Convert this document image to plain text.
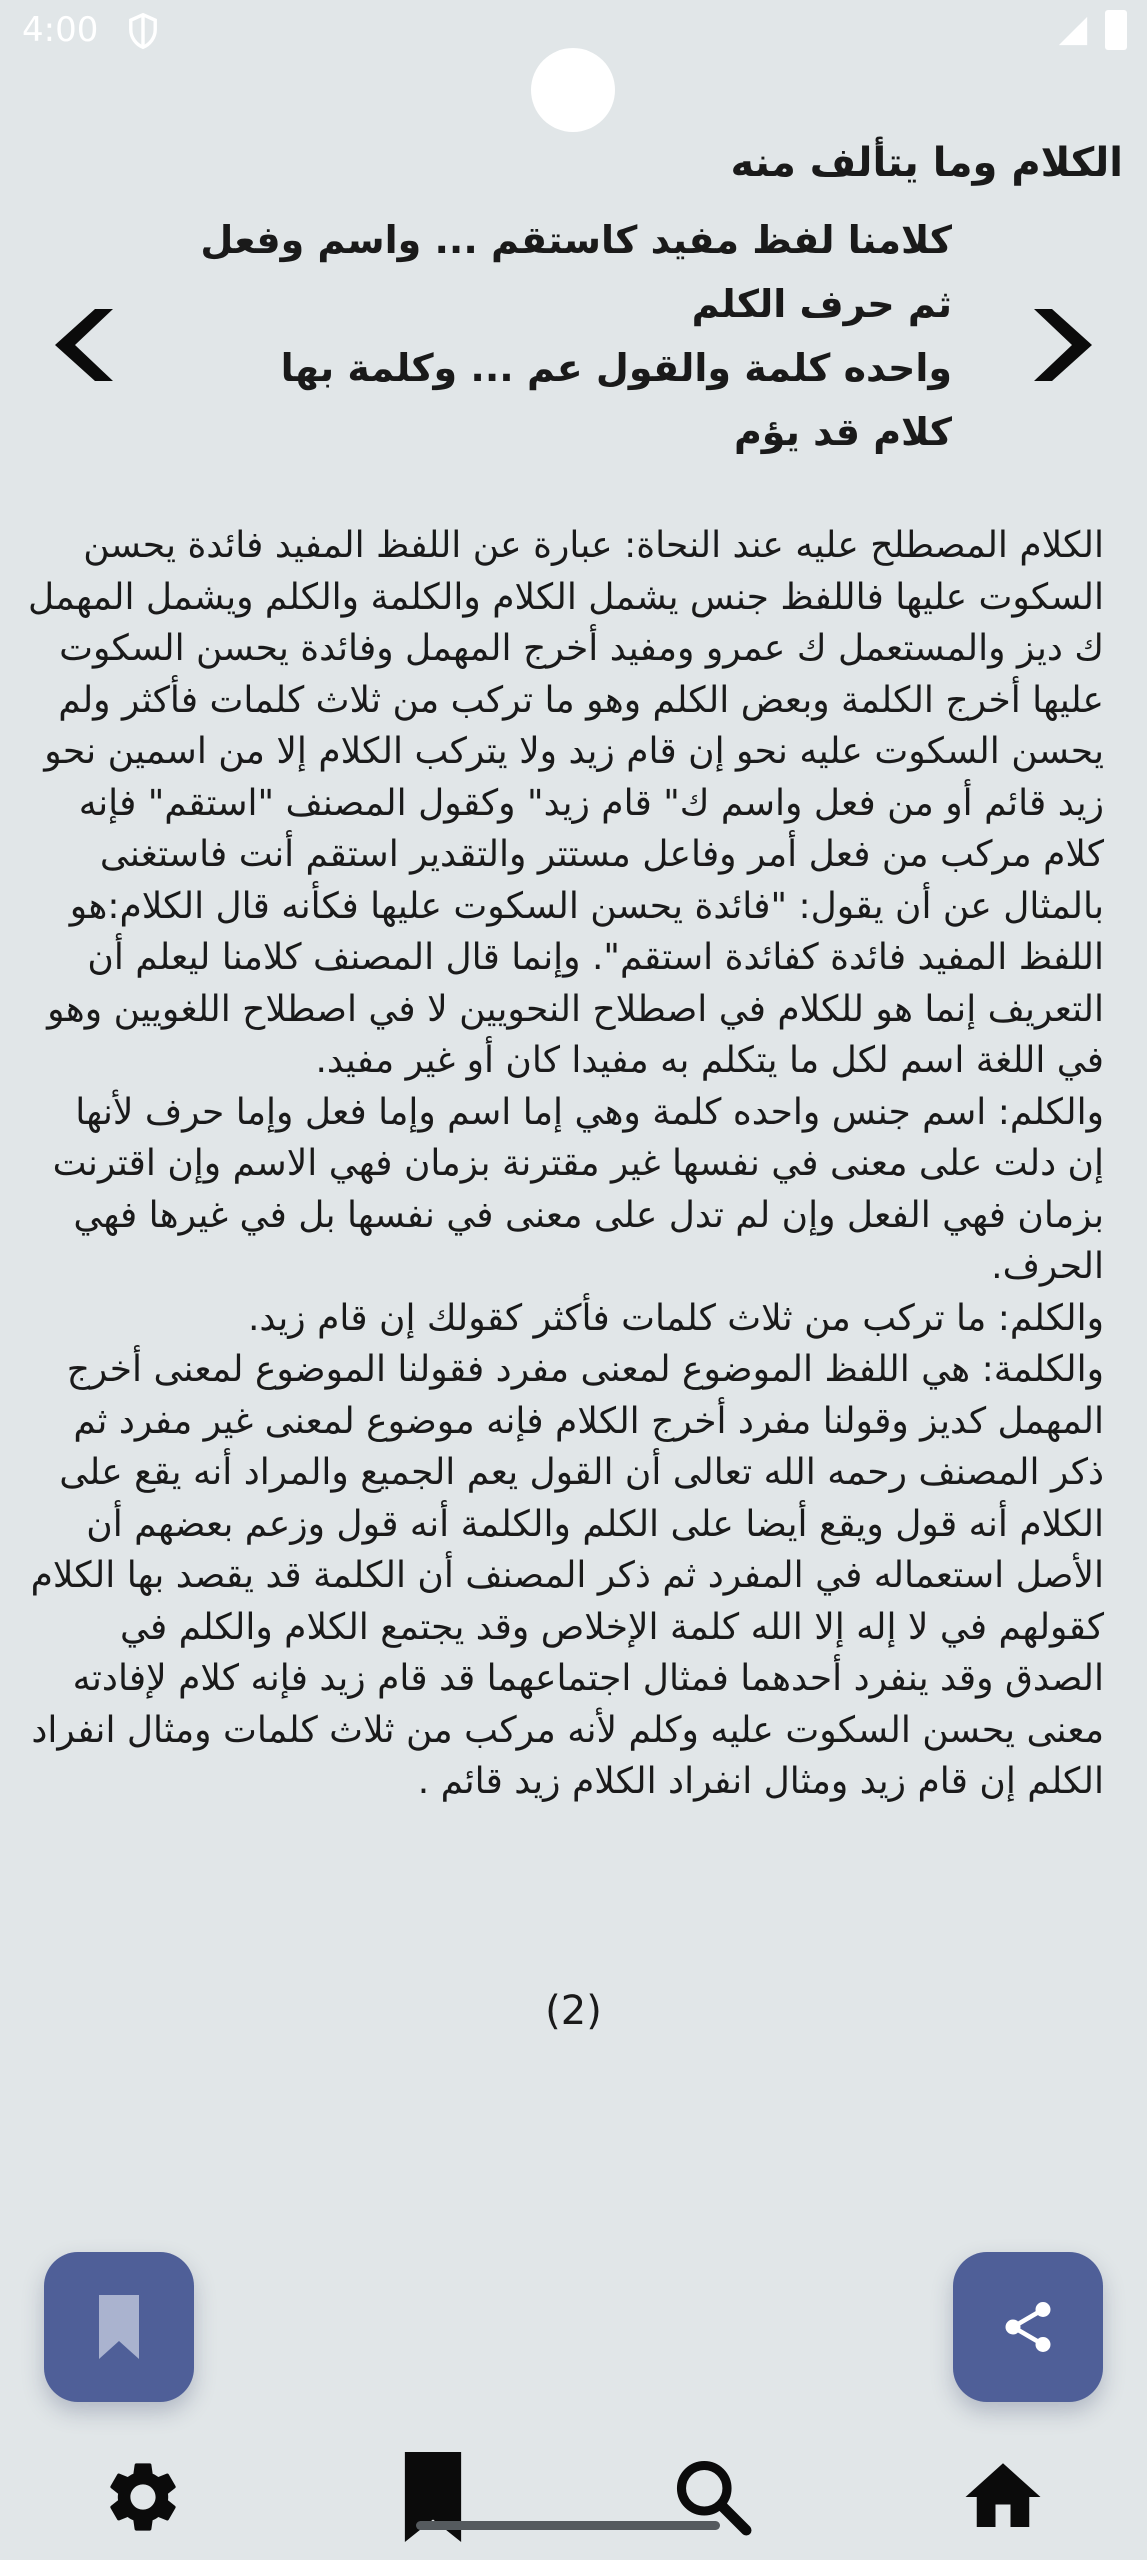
4:00
الكلام وما يتألف منه
كلامنا لفظ مفيد كاستقم ... واسم وفعل ثم حرف الكلم
واحده كلمة والقول عم ... وكلمة بها كلام قد يؤم

الكلام المصطلح عليه عند النحاة: عبارة عن اللفظ المفيد فائدة يحسن السكوت عليها فاللفظ جنس يشمل الكلام والكلمة والكلم ويشمل المهمل ك ديز والمستعمل ك عمرو ومفيد أخرج المهمل وفائدة يحسن السكوت عليها أخرج الكلمة وبعض الكلم وهو ما تركب من ثلاث كلمات فأكثر ولم يحسن السكوت عليه نحو إن قام زيد ولا يتركب الكلام إلا من اسمين نحو زيد قائم أو من فعل واسم ك" قام زيد" وكقول المصنف "استقم" فإنه كلام مركب من فعل أمر وفاعل مستتر والتقدير استقم أنت فاستغنى بالمثال عن أن يقول: "فائدة يحسن السكوت عليها فكأنه قال الكلام:هو اللفظ المفيد فائدة كفائدة استقم". وإنما قال المصنف كلامنا ليعلم أن التعريف إنما هو للكلام في اصطلاح النحويين لا في اصطلاح اللغويين وهو في اللغة اسم لكل ما يتكلم به مفيدا كان أو غير مفيد.

والكلم: اسم جنس واحده كلمة وهي إما اسم وإما فعل وإما حرف لأنها إن دلت على معنى في نفسها غير مقترنة بزمان فهي الاسم وإن اقترنت بزمان فهي الفعل وإن لم تدل على معنى في نفسها بل في غيرها فهي الحرف.

والكلم: ما تركب من ثلاث كلمات فأكثر كقولك إن قام زيد.

والكلمة: هي اللفظ الموضوع لمعنى مفرد فقولنا الموضوع لمعنى أخرج المهمل كديز وقولنا مفرد أخرج الكلام فإنه موضوع لمعنى غير مفرد ثم ذكر المصنف رحمه الله تعالى أن القول يعم الجميع والمراد أنه يقع على الكلام أنه قول ويقع أيضا على الكلم والكلمة أنه قول وزعم بعضهم أن الأصل استعماله في المفرد ثم ذكر المصنف أن الكلمة قد يقصد بها الكلام كقولهم في لا إله إلا الله كلمة الإخلاص وقد يجتمع الكلام والكلم في الصدق وقد ينفرد أحدهما فمثال اجتماعهما قد قام زيد فإنه كلام لإفادته معنى يحسن السكوت عليه وكلم لأنه مركب من ثلاث كلمات ومثال انفراد الكلم إن قام زيد ومثال انفراد الكلام زيد قائم .

(2)
